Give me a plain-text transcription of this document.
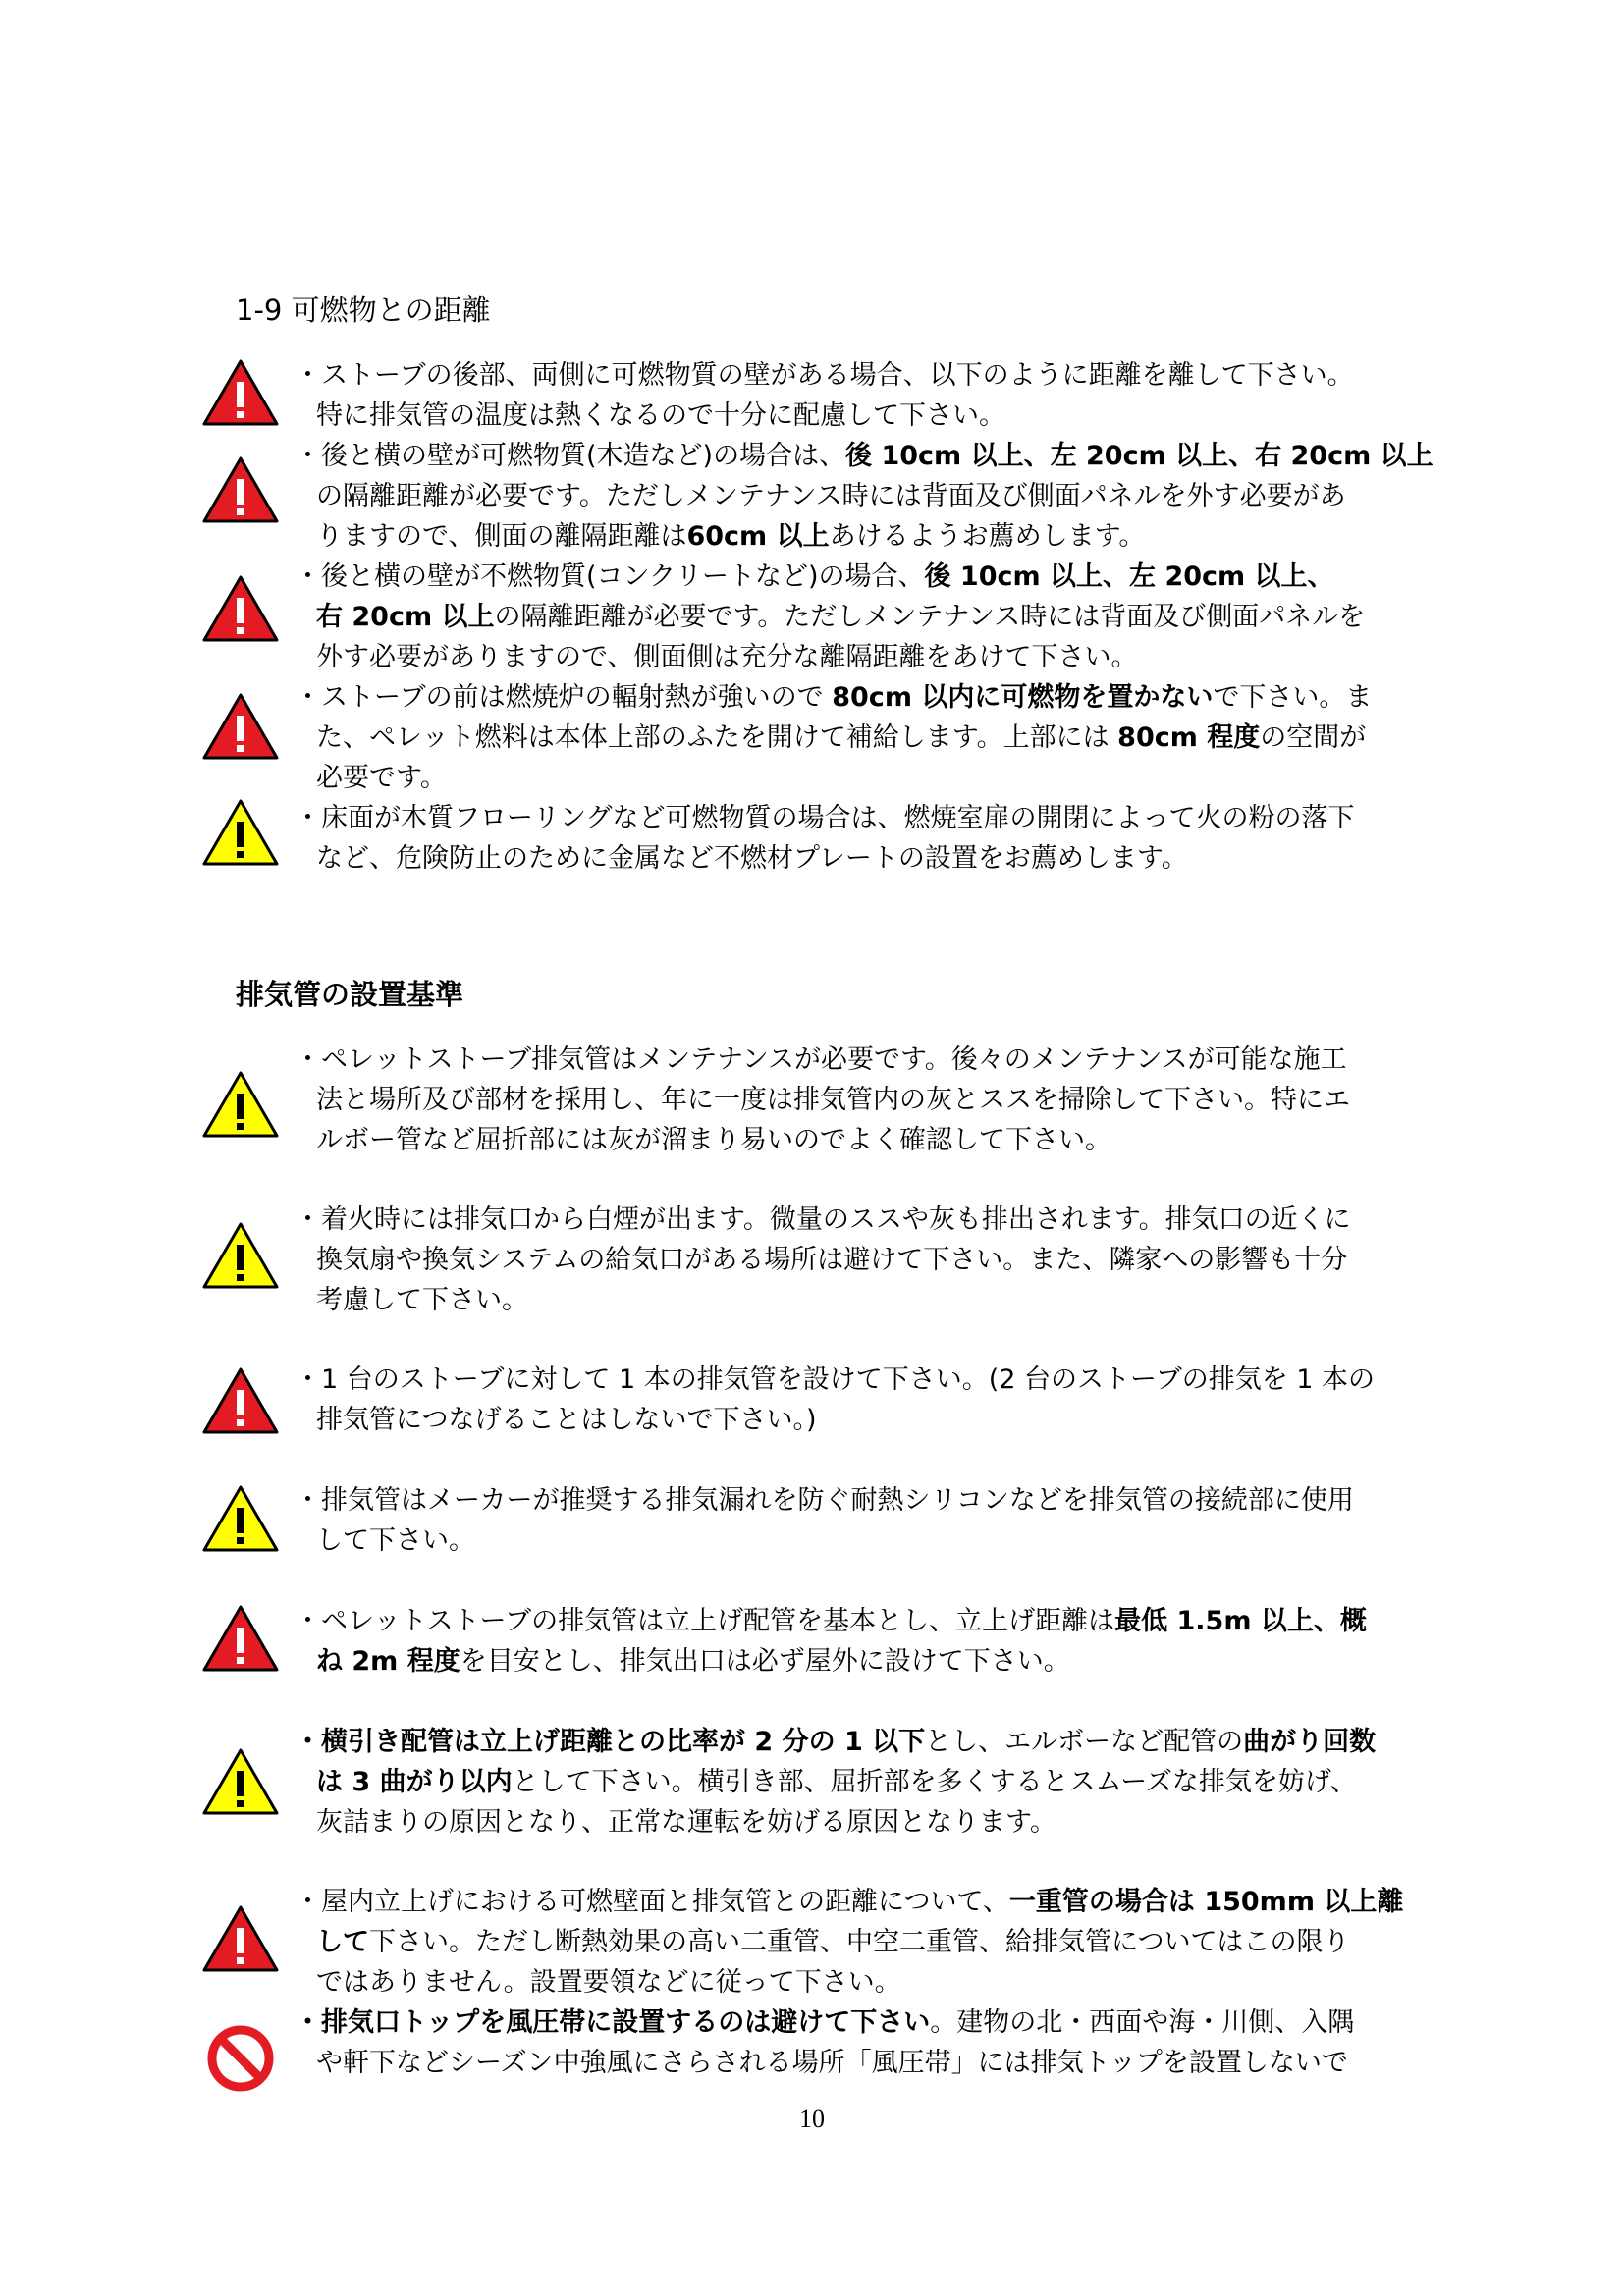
1-9 可燃物との距離
排気管の設置基準
・ストーブの後部、両側に可燃物質の壁がある場合、以下のように距離を離して下さい。
特に排気管の温度は熱くなるので十分に配慮して下さい。
・後と横の壁が可燃物質(木造など)の場合は、後 10cm 以上、左 20cm 以上、右 20cm 以上
の隔離距離が必要です。ただしメンテナンス時には背面及び側面パネルを外す必要があ
りますので、側面の離隔距離は60cm 以上あけるようお薦めします。
・後と横の壁が不燃物質(コンクリートなど)の場合、後 10cm 以上、左 20cm 以上、
右 20cm 以上の隔離距離が必要です。ただしメンテナンス時には背面及び側面パネルを
外す必要がありますので、側面側は充分な離隔距離をあけて下さい。
・ストーブの前は燃焼炉の輻射熱が強いので 80cm 以内に可燃物を置かないで下さい。ま
た、ペレット燃料は本体上部のふたを開けて補給します。上部には 80cm 程度の空間が
必要です。
・床面が木質フローリングなど可燃物質の場合は、燃焼室扉の開閉によって火の粉の落下
など、危険防止のために金属など不燃材プレートの設置をお薦めします。
・ペレットストーブ排気管はメンテナンスが必要です。後々のメンテナンスが可能な施工
法と場所及び部材を採用し、年に一度は排気管内の灰とススを掃除して下さい。特にエ
ルボー管など屈折部には灰が溜まり易いのでよく確認して下さい。
・着火時には排気口から白煙が出ます。微量のススや灰も排出されます。排気口の近くに
換気扇や換気システムの給気口がある場所は避けて下さい。また、隣家への影響も十分
考慮して下さい。
・1 台のストーブに対して 1 本の排気管を設けて下さい。(2 台のストーブの排気を 1 本の
排気管につなげることはしないで下さい。)
・排気管はメーカーが推奨する排気漏れを防ぐ耐熱シリコンなどを排気管の接続部に使用
して下さい。
・ペレットストーブの排気管は立上げ配管を基本とし、立上げ距離は最低 1.5m 以上、概
ね 2m 程度を目安とし、排気出口は必ず屋外に設けて下さい。
・横引き配管は立上げ距離との比率が 2 分の 1 以下とし、エルボーなど配管の曲がり回数
は 3 曲がり以内として下さい。横引き部、屈折部を多くするとスムーズな排気を妨げ、
灰詰まりの原因となり、正常な運転を妨げる原因となります。
・屋内立上げにおける可燃壁面と排気管との距離について、一重管の場合は 150mm 以上離
して下さい。ただし断熱効果の高い二重管、中空二重管、給排気管についてはこの限り
ではありません。設置要領などに従って下さい。
・排気口トップを風圧帯に設置するのは避けて下さい。建物の北・西面や海・川側、入隅
や軒下などシーズン中強風にさらされる場所「風圧帯」には排気トップを設置しないで
10
